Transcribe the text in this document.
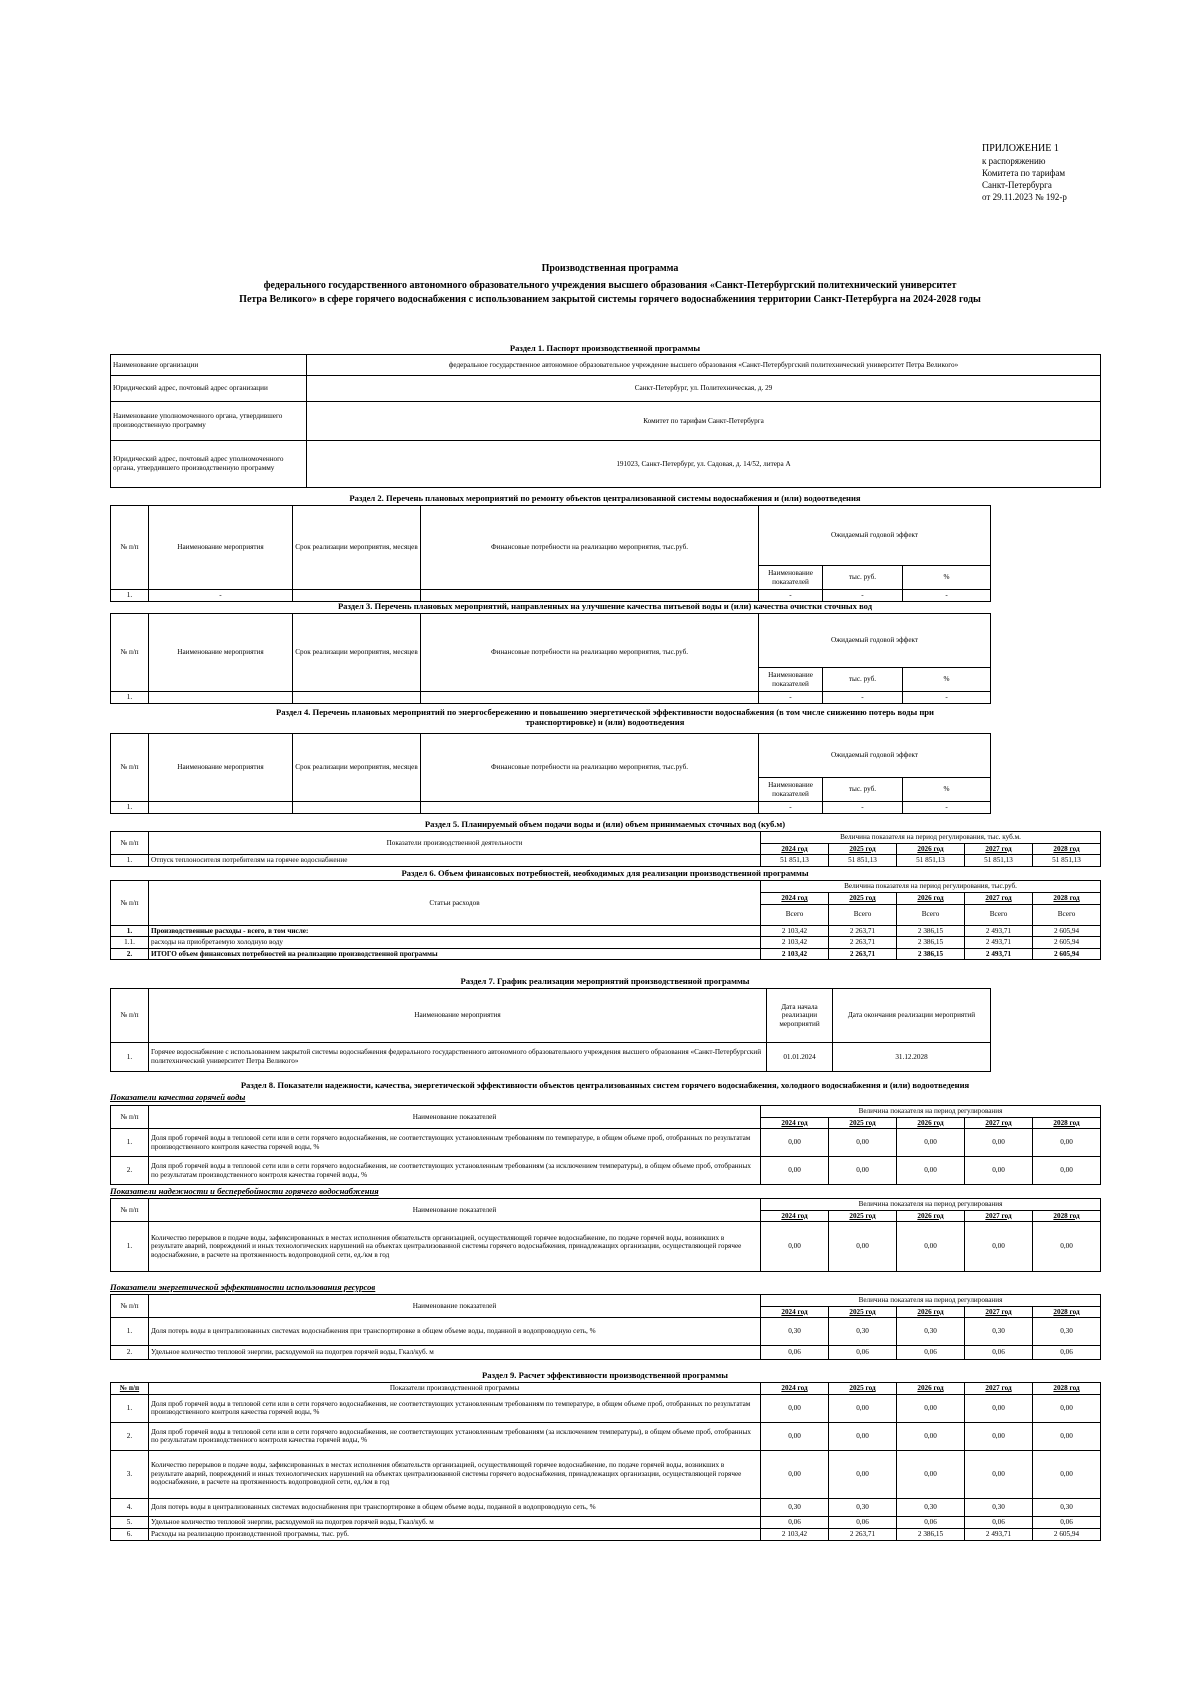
ПРИЛОЖЕНИЕ 1
к распоряжению
Комитета по тарифам
Санкт-Петербурга
от 29.11.2023 № 192-р
Производственная программа
федерального государственного автономного образовательного учреждения высшего образования «Санкт-Петербургский политехнический университет
Петра Великого» в сфере горячего водоснабжения с использованием закрытой системы горячего водоснабжениия территории Санкт-Петербурга на 2024-2028 годы
Раздел 1. Паспорт производственной программы
Наименование организации	федеральное государственное автономное образовательное учреждение высшего образования «Санкт-Петербургский политехнический университет Петра Великого»
Юридический адрес, почтовый адрес организации	Санкт-Петербург, ул. Политехническая, д. 29
Наименование уполномоченного органа, утвердившего производственную программу	Комитет по тарифам Санкт-Петербурга
Юридический адрес, почтовый адрес уполномоченного органа, утвердившего производственную программу	191023, Санкт-Петербург, ул. Садовая, д. 14/52, литера А
Раздел 2. Перечень плановых мероприятий по ремонту объектов централизованной системы водоснабжения и (или) водоотведения
№ п/п	Наименование мероприятия	Срок реализации мероприятия, месяцев	Финансовые потребности на реализацию мероприятия, тыс.руб.	Ожидаемый годовой эффект		
				Наименование показателей	тыс. руб.	%
1.	-			-	-	-
Раздел 3. Перечень плановых мероприятий, направленных на улучшение качества питьевой воды и (или) качества очистки сточных вод
№ п/п	Наименование мероприятия	Срок реализации мероприятия, месяцев	Финансовые потребности на реализацию мероприятия, тыс.руб.	Ожидаемый годовой эффект		
				Наименование показателей	тыс. руб.	%
1.				-	-	-
Раздел 4. Перечень плановых мероприятий по энергосбережению и повышению энергетической эффективности водоснабжения (в том числе снижению потерь воды при
транспортировке) и (или) водоотведения
№ п/п	Наименование мероприятия	Срок реализации мероприятия, месяцев	Финансовые потребности на реализацию мероприятия, тыс.руб.	Ожидаемый годовой эффект		
				Наименование показателей	тыс. руб.	%
1.				-	-	-
Раздел 5. Планируемый объем подачи воды и (или) объем принимаемых сточных вод (куб.м)
№ п/п	Показатели производственной деятельности	Величина показателя на период регулирования, тыс. куб.м.				
		2024 год	2025 год	2026 год	2027 год	2028 год
1.	Отпуск теплоносителя потребителям на горячее водоснабжение	51 851,13	51 851,13	51 851,13	51 851,13	51 851,13
Раздел 6. Объем финансовых потребностей, необходимых для реализации производственной программы
№ п/п	Статьи расходов	Величина показателя на период регулирования, тыс.руб.				
		2024 год	2025 год	2026 год	2027 год	2028 год
		Всего	Всего	Всего	Всего	Всего
1.	Производственные расходы - всего, в том числе:	2 103,42	2 263,71	2 386,15	2 493,71	2 605,94
1.1.	расходы на приобретаемую холодную воду	2 103,42	2 263,71	2 386,15	2 493,71	2 605,94
2.	ИТОГО объем финансовых потребностей на реализацию производственной программы	2 103,42	2 263,71	2 386,15	2 493,71	2 605,94
Раздел 7. График реализации мероприятий производственной программы
№ п/п	Наименование мероприятия	Дата начала реализации мероприятий	Дата окончания реализации мероприятий
1.	Горячее водоснабжение с использованием закрытой системы водоснабжения федерального государственного автономного образовательного учреждения высшего образования «Санкт-Петербургский политехнический университет Петра Великого»	01.01.2024	31.12.2028
Раздел 8. Показатели надежности, качества, энергетической эффективности объектов централизованных систем горячего водоснабжения, холодного водоснабжения и (или) водоотведения
Показатели качества горячей воды
№ п/п	Наименование показателей	Величина показателя на период регулирования				
		2024 год	2025 год	2026 год	2027 год	2028 год
1.	Доля проб горячей воды в тепловой сети или в сети горячего водоснабжения, не соответствующих установленным требованиям по температуре, в общем объеме проб, отобранных по результатам производственного контроля качества горячей воды, %	0,00	0,00	0,00	0,00	0,00
2.	Доля проб горячей воды в тепловой сети или в сети горячего водоснабжения, не соответствующих установленным требованиям (за исключением температуры), в общем объеме проб, отобранных по результатам производственного контроля качества горячей воды, %	0,00	0,00	0,00	0,00	0,00
Показатели надежности и бесперебойности горячего водоснабжения
№ п/п	Наименование показателей	Величина показателя на период регулирования				
		2024 год	2025 год	2026 год	2027 год	2028 год
1.	Количество перерывов в подаче воды, зафиксированных в местах исполнения обязательств организацией, осуществляющей горячее водоснабжение, по подаче горячей воды, возникших в результате аварий, повреждений и иных технологических нарушений на объектах централизованной системы горячего водоснабжения, принадлежащих организации, осуществляющей горячее водоснабжение, в расчете на протяженность водопроводной сети, ед./км в год	0,00	0,00	0,00	0,00	0,00
Показатели энергетической эффективности использования ресурсов
№ п/п	Наименование показателей	Величина показателя на период регулирования				
		2024 год	2025 год	2026 год	2027 год	2028 год
1.	Доля потерь воды в централизованных системах водоснабжения при транспортировке в общем объеме воды, поданной в водопроводную сеть, %	0,30	0,30	0,30	0,30	0,30
2.	Удельное количество тепловой энергии, расходуемой на подогрев горячей воды, Гкал/куб. м	0,06	0,06	0,06	0,06	0,06
Раздел 9. Расчет эффективности производственной программы
№ п/п	Показатели производственной программы	2024 год	2025 год	2026 год	2027 год	2028 год
1.	Доля проб горячей воды в тепловой сети или в сети горячего водоснабжения, не соответствующих установленным требованиям по температуре, в общем объеме проб, отобранных по результатам производственного контроля качества горячей воды, %	0,00	0,00	0,00	0,00	0,00
2.	Доля проб горячей воды в тепловой сети или в сети горячего водоснабжения, не соответствующих установленным требованиям (за исключением температуры), в общем объеме проб, отобранных по результатам производственного контроля качества горячей воды, %	0,00	0,00	0,00	0,00	0,00
3.	Количество перерывов в подаче воды, зафиксированных в местах исполнения обязательств организацией, осуществляющей горячее водоснабжение, по подаче горячей воды, возникших в результате аварий, повреждений и иных технологических нарушений на объектах централизованной системы горячего водоснабжения, принадлежащих организации, осуществляющей горячее водоснабжение, в расчете на протяженность водопроводной сети, ед./км в год	0,00	0,00	0,00	0,00	0,00
4.	Доля потерь воды в централизованных системах водоснабжения при транспортировке в общем объеме воды, поданной в водопроводную сеть, %	0,30	0,30	0,30	0,30	0,30
5.	Удельное количество тепловой энергии, расходуемой на подогрев горячей воды, Гкал/куб. м	0,06	0,06	0,06	0,06	0,06
6.	Расходы на реализацию производственной программы, тыс. руб.	2 103,42	2 263,71	2 386,15	2 493,71	2 605,94
